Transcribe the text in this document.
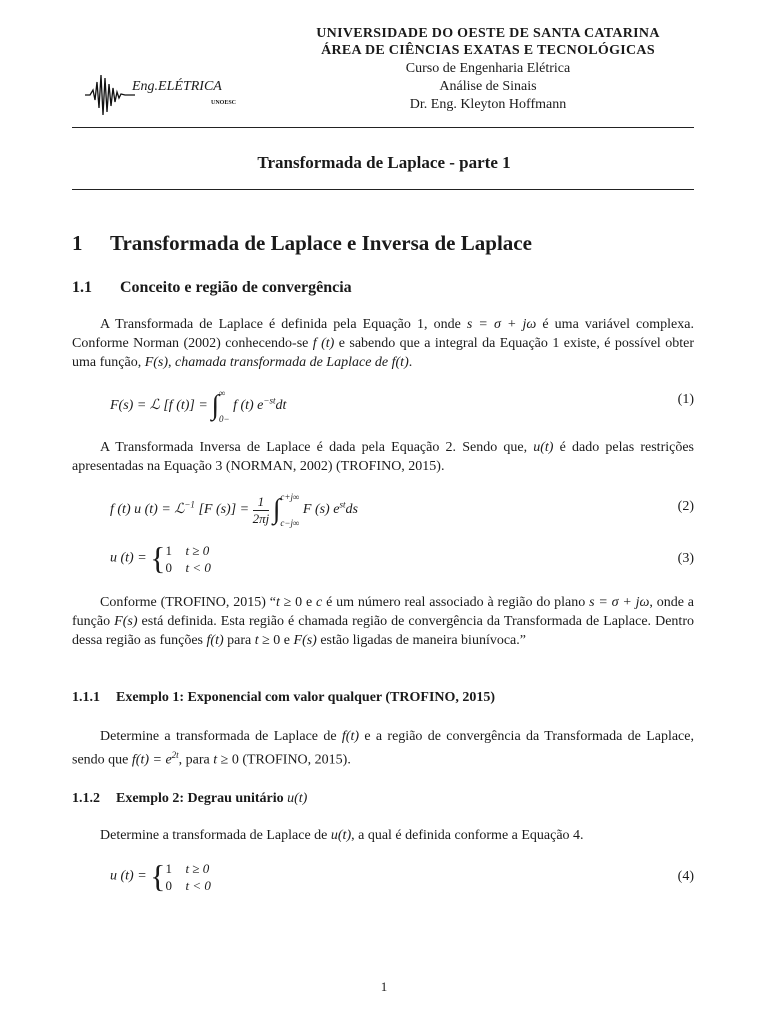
UNIVERSIDADE DO OESTE DE SANTA CATARINA
ÁREA DE CIÊNCIAS EXATAS E TECNOLÓGICAS
Curso de Engenharia Elétrica
Análise de Sinais
Dr. Eng. Kleyton Hoffmann
Eng.ELÉTRICA
UNOESC
Transformada de Laplace - parte 1
1 Transformada de Laplace e Inversa de Laplace
1.1 Conceito e região de convergência

A Transformada de Laplace é definida pela Equação 1, onde s = σ + jω é uma variável complexa. Conforme Norman (2002) conhecendo-se f (t) e sabendo que a integral da Equação 1 existe, é possível obter uma função, F(s), chamada transformada de Laplace de f(t).

F(s) = ℒ [f (t)] = ∫ ∞
0−
f (t) $e^{-st}dt$	(1)

A Transformada Inversa de Laplace é dada pela Equação 2. Sendo que, u(t) é dado pelas restrições apresentadas na Equação 3 (NORMAN, 2002) (TROFINO, 2015).

f (t) u (t) = ℒ$^{-1}$ [F $(s)] = \frac{1}{2\pi j}$ ∫ c+j∞
c−j∞
F (s) $e^{st}ds$	(2)
u (t) = { 1 t ≥ 0
0 t < 0
(3)

Conforme (TROFINO, 2015) “t ≥ 0 e c é um número real associado à região do plano s = σ + jω, onde a função F(s) está definida. Esta região é chamada região de convergência da Transformada de Laplace. Dentro dessa região as funções f(t) para t ≥ 0 e F(s) estão ligadas de maneira biunívoca.”

1.1.1 Exemplo 1: Exponencial com valor qualquer (TROFINO, 2015)

Determine a transformada de Laplace de f(t) e a região de convergência da Transformada de Laplace, sendo que $f(t) = e^{2t}$, para t ≥ 0 (TROFINO, 2015).

1.1.2 Exemplo 2: Degrau unitário u(t)

Determine a transformada de Laplace de u(t), a qual é definida conforme a Equação 4.

u (t) = { 1 t ≥ 0
0 t < 0
(4)
1
